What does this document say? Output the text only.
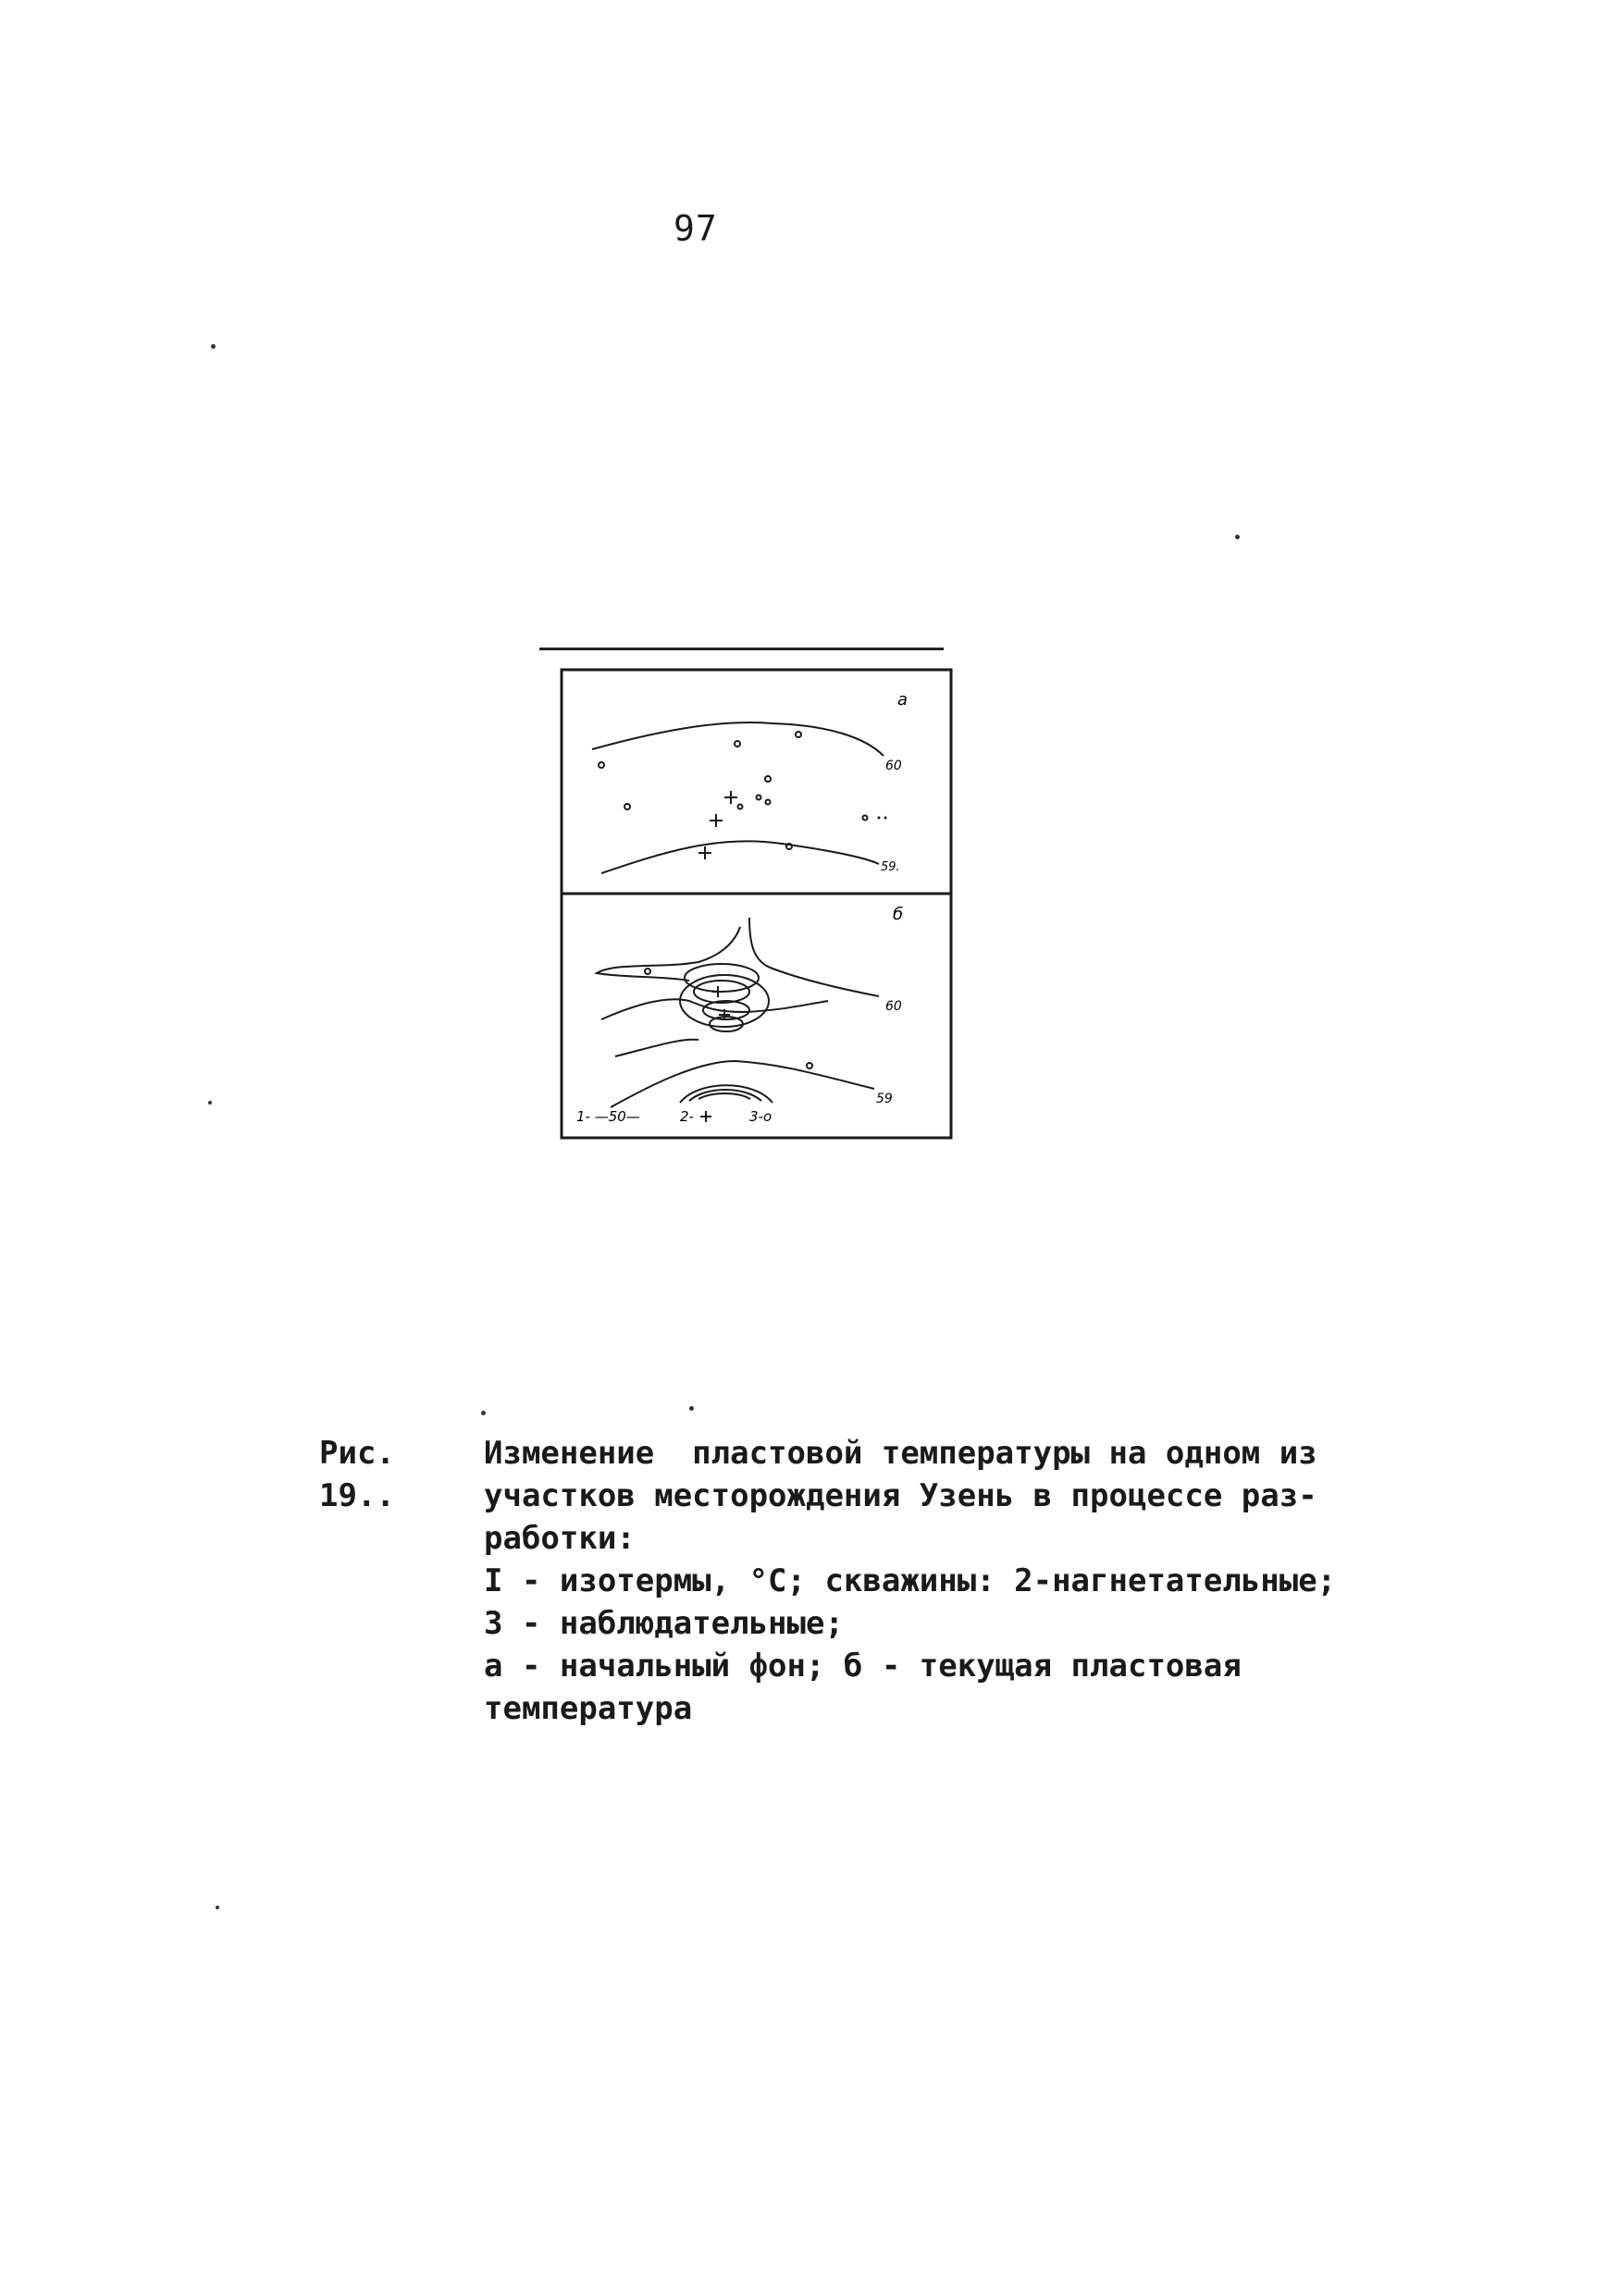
97
а
60
59.
б
60
59
1- —50—	2-	3-о
Рис. 19..
Изменение  пластовой температуры на одном из
участков месторождения Узень в процессе раз-
работки:
I - изотермы, °С; скважины: 2-нагнетательные;
3 - наблюдательные;
а - начальный фон; б - текущая пластовая
температура
